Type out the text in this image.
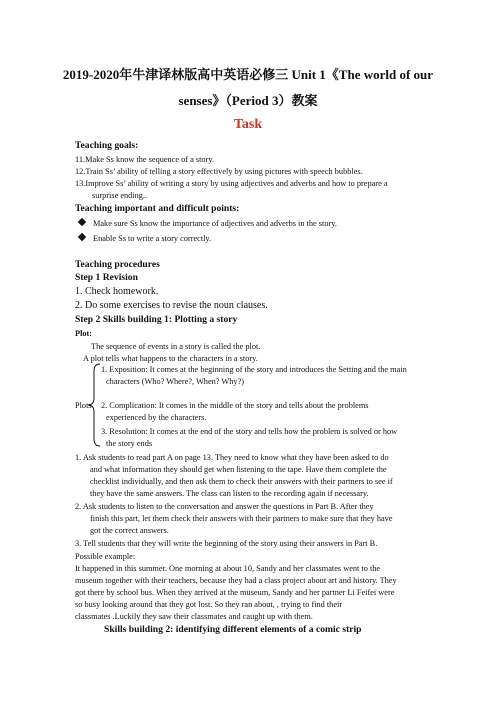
2019-2020年牛津译林版高中英语必修三 Unit 1《The world of our
senses》（Period 3）教案
Task
Teaching goals:
11.Make Ss know the sequence of a story.
12.Train Ss’ ability of telling a story effectively by using pictures with speech bubbles.
13.Improve Ss’ ability of writing a story by using adjectives and adverbs and how to prepare a
surprise ending..
Teaching important and difficult points:
Make sure Ss know the importance of adjectives and adverbs in the story.
Enable Ss to write a story correctly.
Teaching procedures
Step 1 Revision
1. Check homework.
2. Do some exercises to revise the noun clauses.
Step 2 Skills building 1: Plotting a story
Plot:
The sequence of events in a story is called the plot.
A plot tells what happens to the characters in a story.
Plots
1. Exposition: It comes at the beginning of the story and introduces the Setting and the main
characters (Who? Where?, When? Why?)
2. Complication: It comes in the middle of the story and tells about the problems
experienced by the characters.
3. Resolution: It comes at the end of the story and tells how the problem is solved or how
the story ends
1. Ask students to read part A on page 13. They need to know what they have been asked to do
and what information they should get when listening to the tape. Have them complete the
checklist individually, and then ask them to check their answers with their partners to see if
they have the same answers. The class can listen to the recording again if necessary.
2. Ask students to listen to the conversation and answer the questions in Part B. After they
finish this part, let them check their answers with their partners to make sure that they have
got the correct answers.
3. Tell students that they will write the beginning of the story using their answers in Part B.
Possible example:
It happened in this summer. One morning at about 10, Sandy and her classmates went to the
museum together with their teachers, because they had a class project about art and history. They
got there by school bus. When they arrived at the museum, Sandy and her partner Li Feifei were
so busy looking around that they got lost. So they ran about, , trying to find their
classmates .Luckily they saw their classmates and caught up with them.
Skills building 2: identifying different elements of a comic strip
